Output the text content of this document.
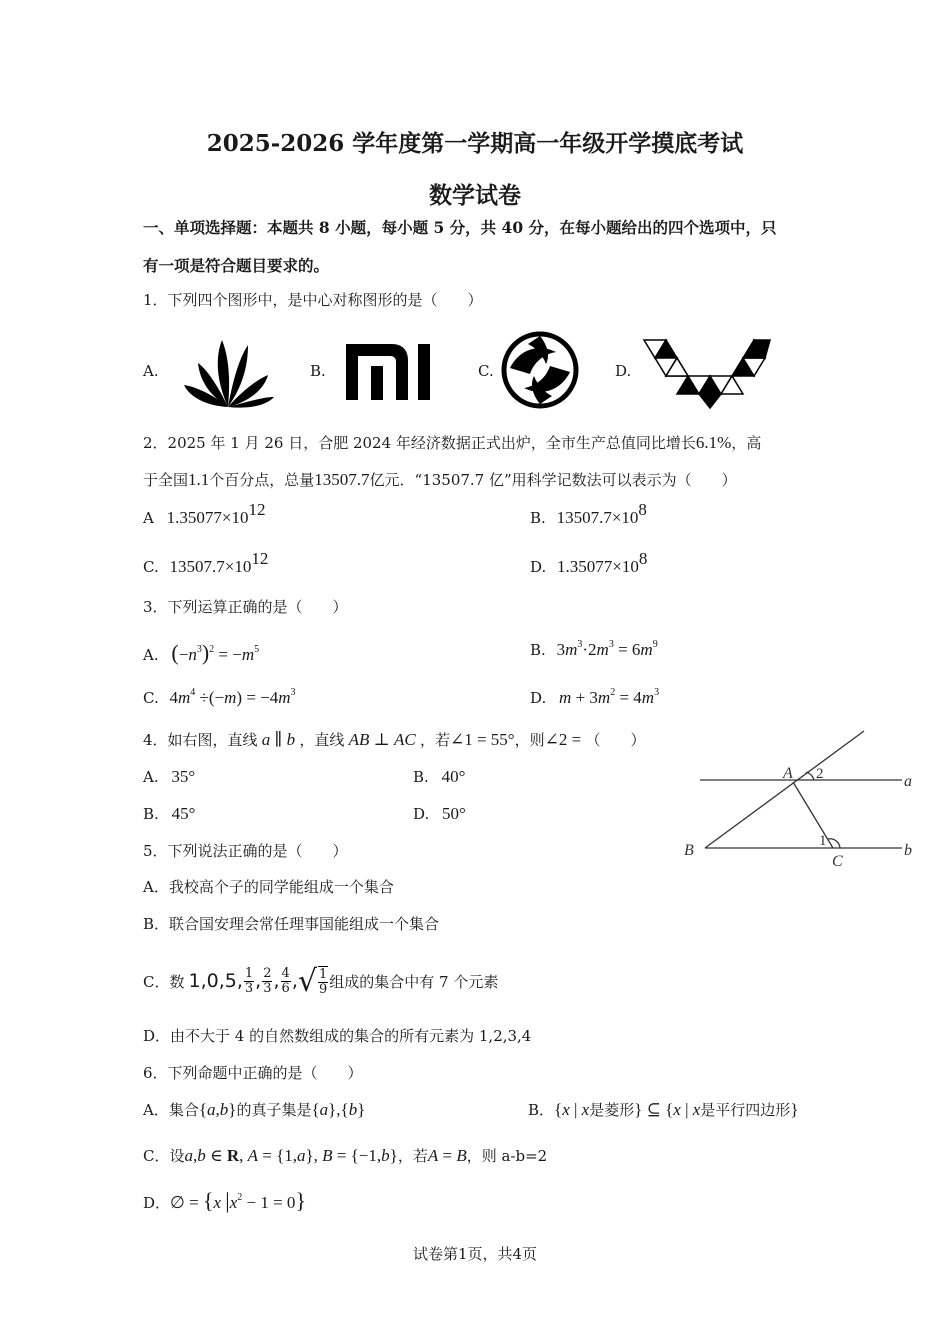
2025-2026 学年度第一学期高一年级开学摸底考试
数学试卷
一、单项选择题：本题共 8 小题，每小题 5 分，共 40 分，在每小题给出的四个选项中，只
有一项是符合题目要求的。
1．下列四个图形中，是中心对称图形的是（　　）
A.	B.	C.	D.
2．2025 年 1 月 26 日，合肥 2024 年经济数据正式出炉，全市生产总值同比增长6.1%，高
于全国1.1个百分点，总量13507.7亿元．“13507.7 亿”用科学记数法可以表示为（　　）
A $1.35077\times 10^{12}$	B. $13507.7\times 10^8$
C. $13507.7\times 10^{12}$	D. $1.35077\times 10^8$
3．下列运算正确的是（　　）
A. $(-n^3)^2 = -m^5$	B. $3m^3\cdot 2m^3 = 6m^9$
C. $4m^4 \div(-m) = -4m^3$	D. $m + 3m^2 = 4m^3$
4．如右图，直线 a ∥ b ，直线 AB ⊥ AC ，若∠1 = 55°，则∠2 = （　　）
A. 35°	B. 40°
B. 45°	D. 50°
A	a
B
C
b
2
1
5．下列说法正确的是（　　）
A．我校高个子的同学能组成一个集合
B．联合国安理会常任理事国能组成一个集合
C．数 1,0,5, $\frac{1}{3}$ , $\frac{2}{3}$ , $\frac{4}{6}$ , √ $\frac{1}{9}$ 组成的集合中有 7 个元素
D．由不大于 4 的自然数组成的集合的所有元素为 1,2,3,4
6．下列命题中正确的是（　　）
A．集合{a,b}的真子集是{a},{b}	B．{x | x是菱形} ⊆ {x | x是平行四边形}
C．设a,b ∈ R, A = {1,a}, B = {−1,b}，若A = B，则 a-b=2
D．∅ = {x $|x^2 - 1 = 0$}
试卷第1页，共4页
